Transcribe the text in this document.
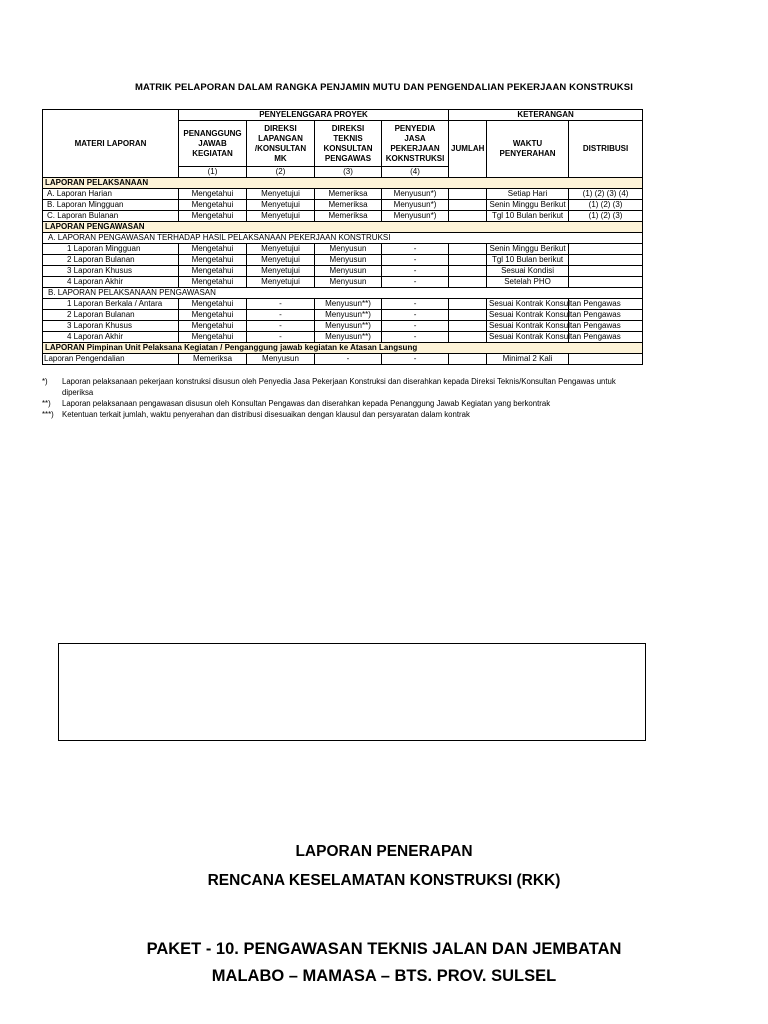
MATRIK PELAPORAN DALAM RANGKA PENJAMIN MUTU DAN PENGENDALIAN PEKERJAAN KONSTRUKSI
MATERI LAPORAN	PENYELENGGARA PROYEK				KETERANGAN		
	PENANGGUNG JAWAB KEGIATAN	DIREKSI LAPANGAN /KONSULTAN MK	DIREKSI TEKNIS KONSULTAN PENGAWAS	PENYEDIA JASA PEKERJAAN KOKNSTRUKSI	JUMLAH	WAKTU PENYERAHAN	DISTRIBUSI
	(1)	(2)	(3)	(4)			
LAPORAN PELAKSANAAN							
A. Laporan Harian	Mengetahui	Menyetujui	Memeriksa	Menyusun*)		Setiap Hari	(1) (2) (3) (4)
B. Laporan Mingguan	Mengetahui	Menyetujui	Memeriksa	Menyusun*)		Senin Minggu Berikut	(1) (2) (3)
C. Laporan Bulanan	Mengetahui	Menyetujui	Memeriksa	Menyusun*)		Tgl 10 Bulan berikut	(1) (2) (3)
LAPORAN PENGAWASAN							
A. LAPORAN PENGAWASAN TERHADAP HASIL PELAKSANAAN PEKERJAAN KONSTRUKSI							
1 Laporan Mingguan	Mengetahui	Menyetujui	Menyusun	-		Senin Minggu Berikut	
2 Laporan Bulanan	Mengetahui	Menyetujui	Menyusun	-		Tgl 10 Bulan berikut	
3 Laporan Khusus	Mengetahui	Menyetujui	Menyusun	-		Sesuai Kondisi	
4 Laporan Akhir	Mengetahui	Menyetujui	Menyusun	-		Setelah PHO	
B. LAPORAN PELAKSANAAN PENGAWASAN							
1 Laporan Berkala / Antara	Mengetahui	-	Menyusun**)	-		Sesuai Kontrak Konsultan Pengawas	
2 Laporan Bulanan	Mengetahui	-	Menyusun**)	-		Sesuai Kontrak Konsultan Pengawas	
3 Laporan Khusus	Mengetahui	-	Menyusun**)	-		Sesuai Kontrak Konsultan Pengawas	
4 Laporan Akhir	Mengetahui	-	Menyusun**)	-		Sesuai Kontrak Konsultan Pengawas	
LAPORAN Pimpinan Unit Pelaksana Kegiatan / Penganggung jawab kegiatan ke Atasan Langsung							
Laporan Pengendalian	Memeriksa	Menyusun	-	-		Minimal 2 Kali	
*)	Laporan pelaksanaan pekerjaan konstruksi disusun oleh Penyedia Jasa Pekerjaan Konstruksi dan diserahkan kepada Direksi Teknis/Konsultan Pengawas untuk diperiksa
**)	Laporan pelaksanaan pengawasan disusun oleh Konsultan Pengawas dan diserahkan kepada Penanggung Jawab Kegiatan yang berkontrak
***)	Ketentuan terkait jumlah, waktu penyerahan dan distribusi disesuaikan dengan klausul dan persyaratan dalam kontrak
LAPORAN PENERAPAN
RENCANA KESELAMATAN KONSTRUKSI (RKK)
PAKET - 10. PENGAWASAN TEKNIS JALAN DAN JEMBATAN
MALABO – MAMASA – BTS. PROV. SULSEL
